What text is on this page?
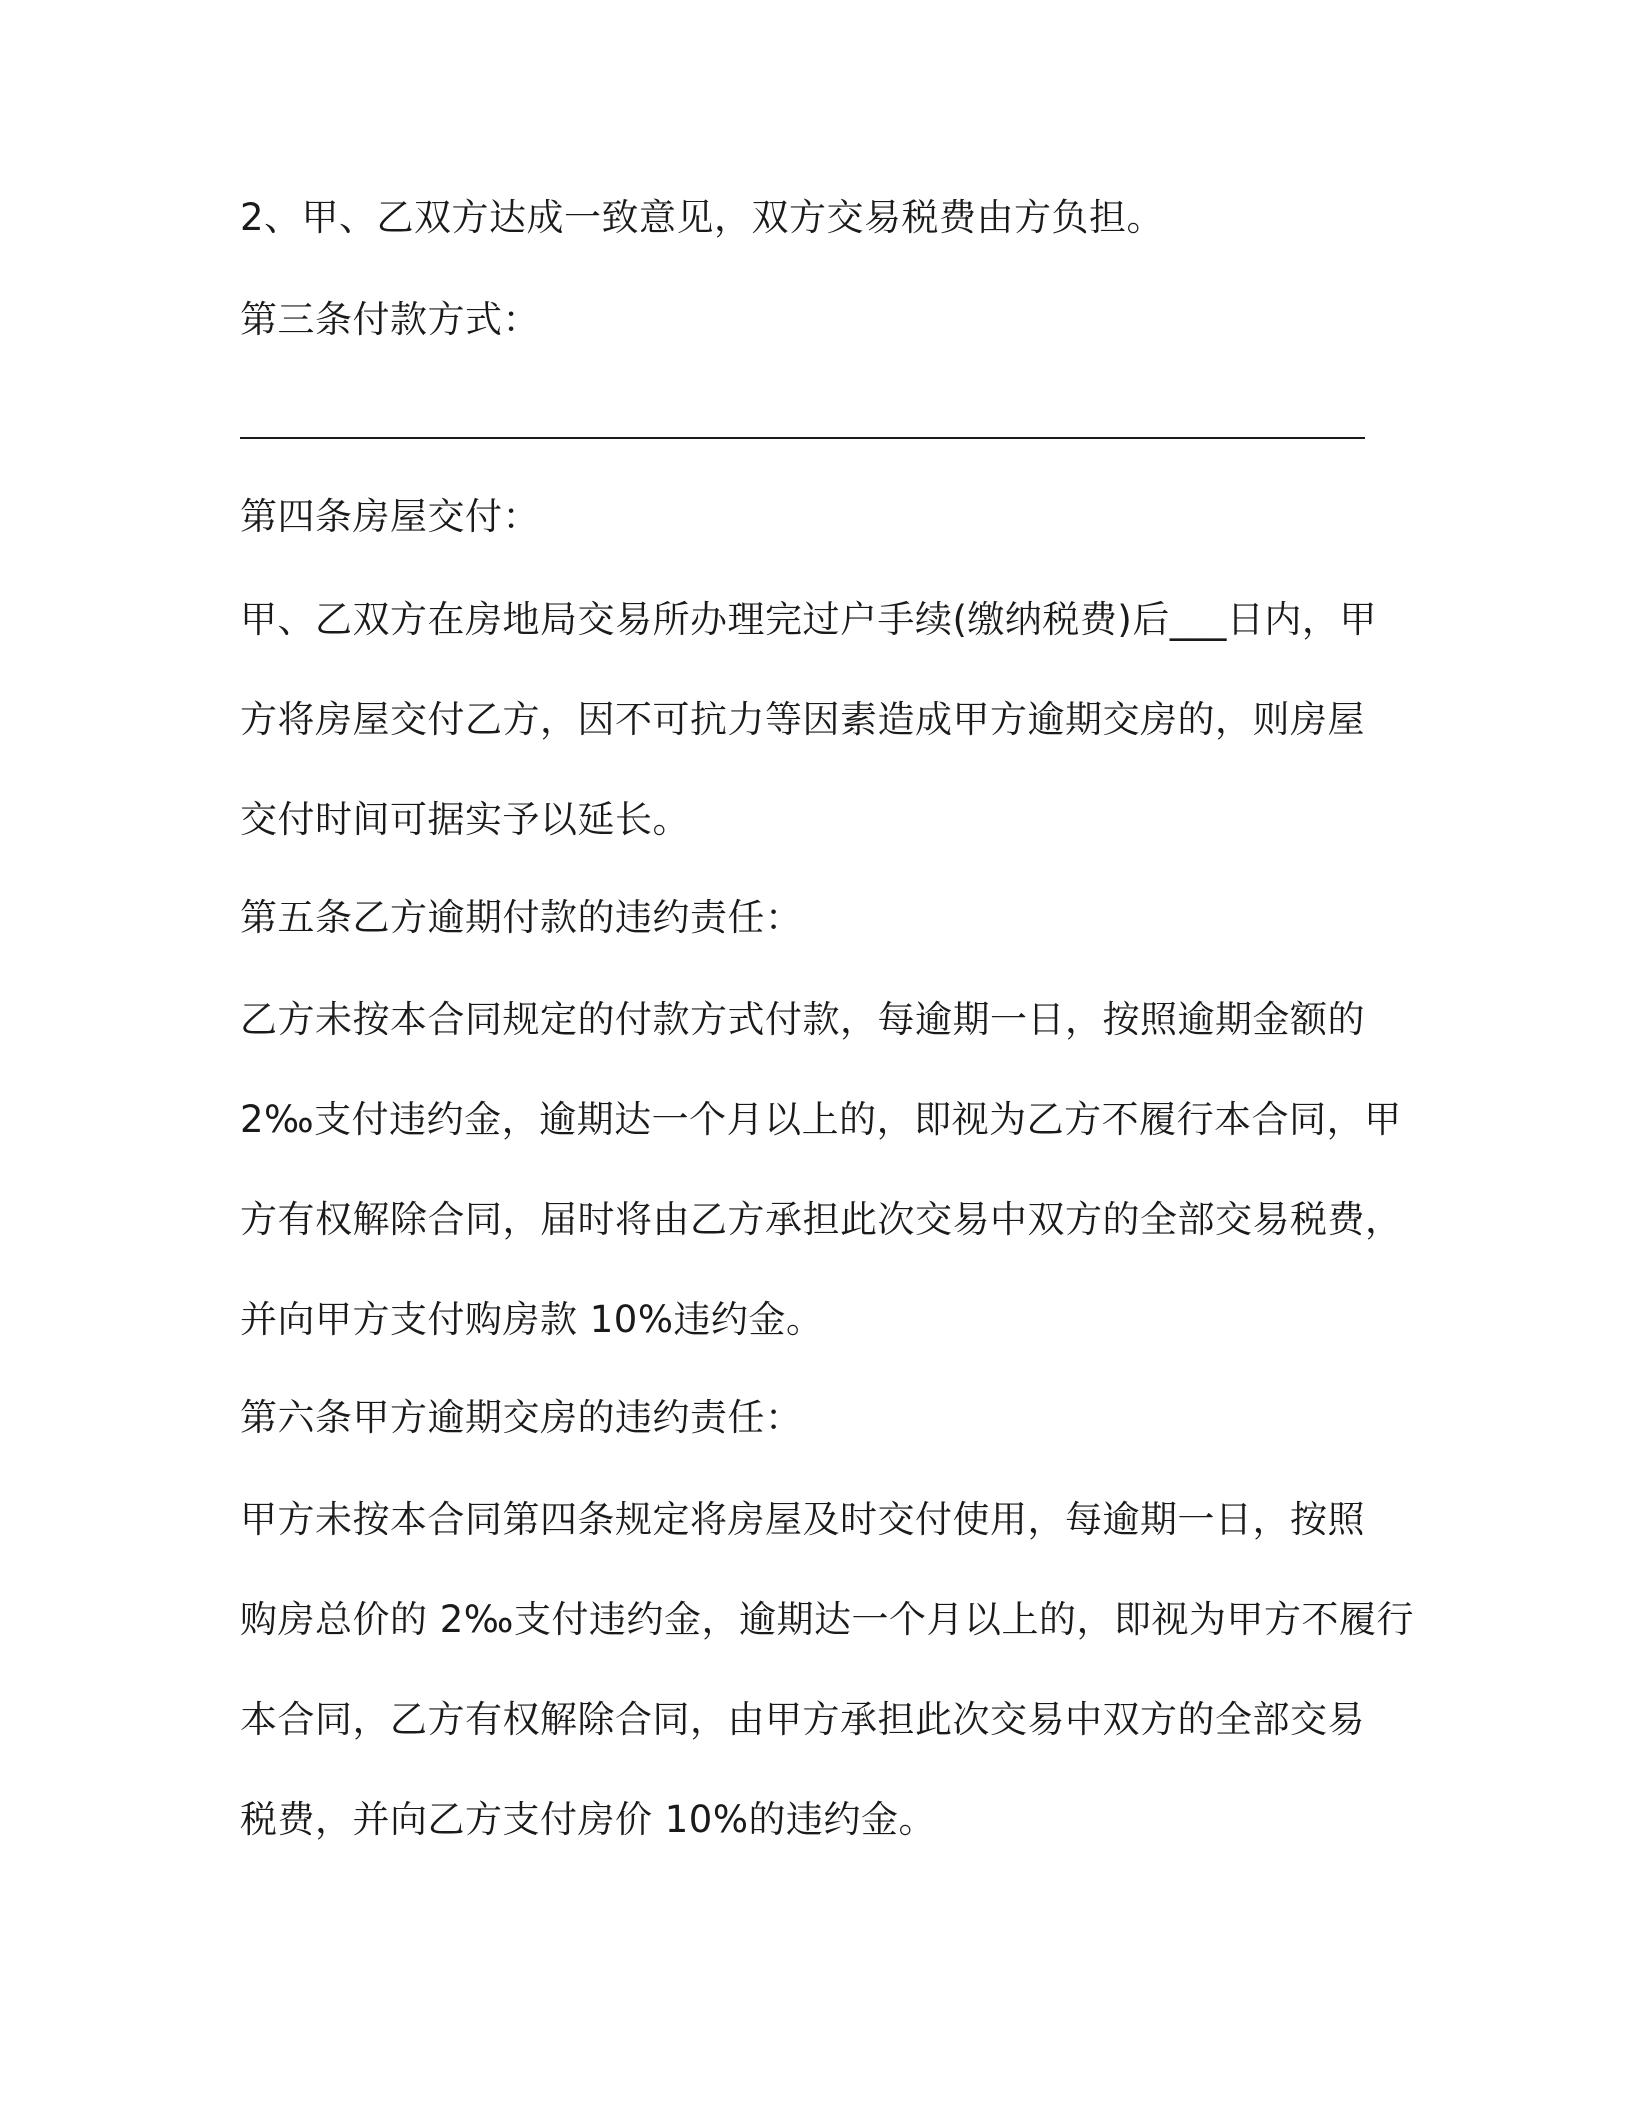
2、甲、乙双方达成一致意见，双方交易税费由方负担。
第三条付款方式：
第四条房屋交付：
甲、乙双方在房地局交易所办理完过户手续(缴纳税费)后___日内，甲
方将房屋交付乙方，因不可抗力等因素造成甲方逾期交房的，则房屋
交付时间可据实予以延长。
第五条乙方逾期付款的违约责任：
乙方未按本合同规定的付款方式付款，每逾期一日，按照逾期金额的
2‰支付违约金，逾期达一个月以上的，即视为乙方不履行本合同，甲
方有权解除合同，届时将由乙方承担此次交易中双方的全部交易税费，
并向甲方支付购房款 10%违约金。
第六条甲方逾期交房的违约责任：
甲方未按本合同第四条规定将房屋及时交付使用，每逾期一日，按照
购房总价的 2‰支付违约金，逾期达一个月以上的，即视为甲方不履行
本合同，乙方有权解除合同，由甲方承担此次交易中双方的全部交易
税费，并向乙方支付房价 10%的违约金。
